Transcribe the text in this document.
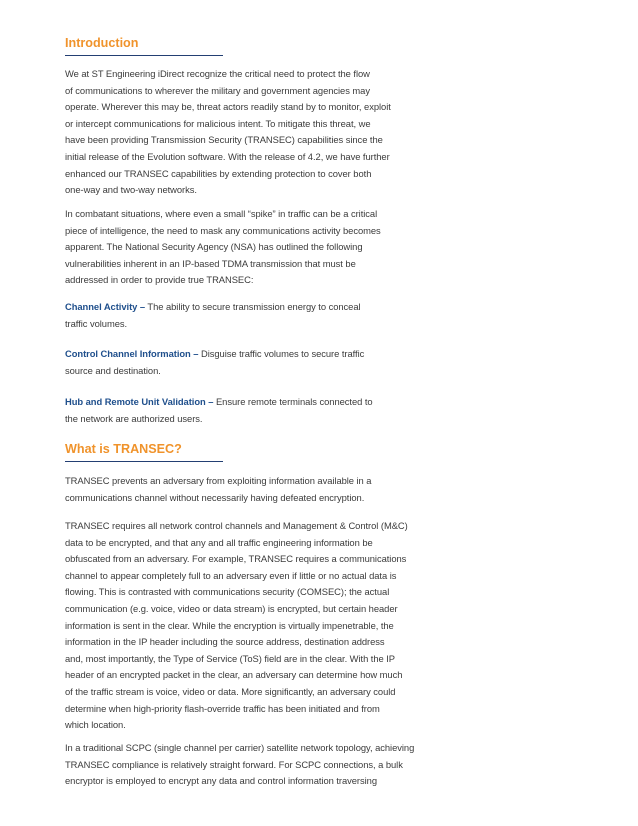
Introduction

We at ST Engineering iDirect recognize the critical need to protect the flow
of communications to wherever the military and government agencies may
operate. Wherever this may be, threat actors readily stand by to monitor, exploit
or intercept communications for malicious intent. To mitigate this threat, we
have been providing Transmission Security (TRANSEC) capabilities since the
initial release of the Evolution software. With the release of 4.2, we have further
enhanced our TRANSEC capabilities by extending protection to cover both
one-way and two-way networks.

In combatant situations, where even a small “spike” in traffic can be a critical
piece of intelligence, the need to mask any communications activity becomes
apparent. The National Security Agency (NSA) has outlined the following
vulnerabilities inherent in an IP-based TDMA transmission that must be
addressed in order to provide true TRANSEC:

Channel Activity – The ability to secure transmission energy to conceal
traffic volumes.

Control Channel Information – Disguise traffic volumes to secure traffic
source and destination.

Hub and Remote Unit Validation – Ensure remote terminals connected to
the network are authorized users.

What is TRANSEC?

TRANSEC prevents an adversary from exploiting information available in a
communications channel without necessarily having defeated encryption.

TRANSEC requires all network control channels and Management & Control (M&C)
data to be encrypted, and that any and all traffic engineering information be
obfuscated from an adversary. For example, TRANSEC requires a communications
channel to appear completely full to an adversary even if little or no actual data is
flowing. This is contrasted with communications security (COMSEC); the actual
communication (e.g. voice, video or data stream) is encrypted, but certain header
information is sent in the clear. While the encryption is virtually impenetrable, the
information in the IP header including the source address, destination address
and, most importantly, the Type of Service (ToS) field are in the clear. With the IP
header of an encrypted packet in the clear, an adversary can determine how much
of the traffic stream is voice, video or data. More significantly, an adversary could
determine when high-priority flash-override traffic has been initiated and from
which location.

In a traditional SCPC (single channel per carrier) satellite network topology, achieving
TRANSEC compliance is relatively straight forward. For SCPC connections, a bulk
encryptor is employed to encrypt any data and control information traversing
